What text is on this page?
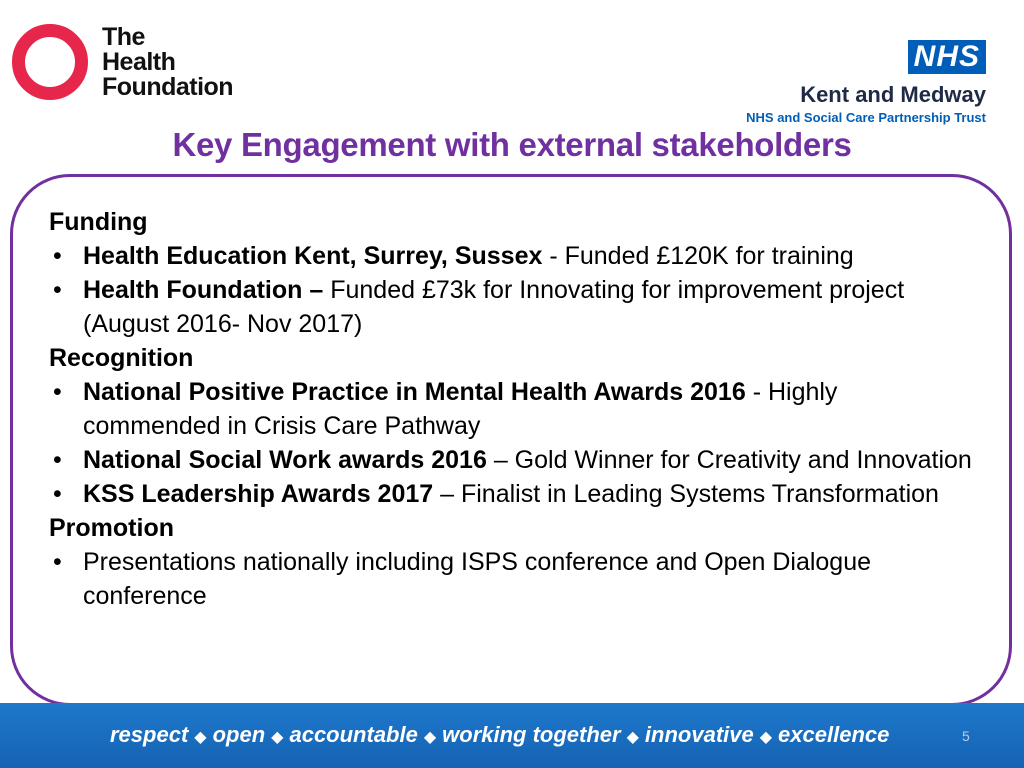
The
Health
Foundation
NHS
Kent and Medway
NHS and Social Care Partnership Trust
Key Engagement with external stakeholders
Funding
• Health Education Kent, Surrey, Sussex - Funded £120K for training
• Health Foundation – Funded £73k for Innovating for improvement project (August 2016- Nov 2017)
Recognition
• National Positive Practice in Mental Health Awards 2016 - Highly commended in Crisis Care Pathway
• National Social Work awards 2016 – Gold Winner for Creativity and Innovation
• KSS Leadership Awards 2017 – Finalist in Leading Systems Transformation
Promotion
• Presentations nationally including ISPS conference and Open Dialogue conference
respect ◆ open ◆ accountable ◆ working together ◆ innovative ◆ excellence	5
